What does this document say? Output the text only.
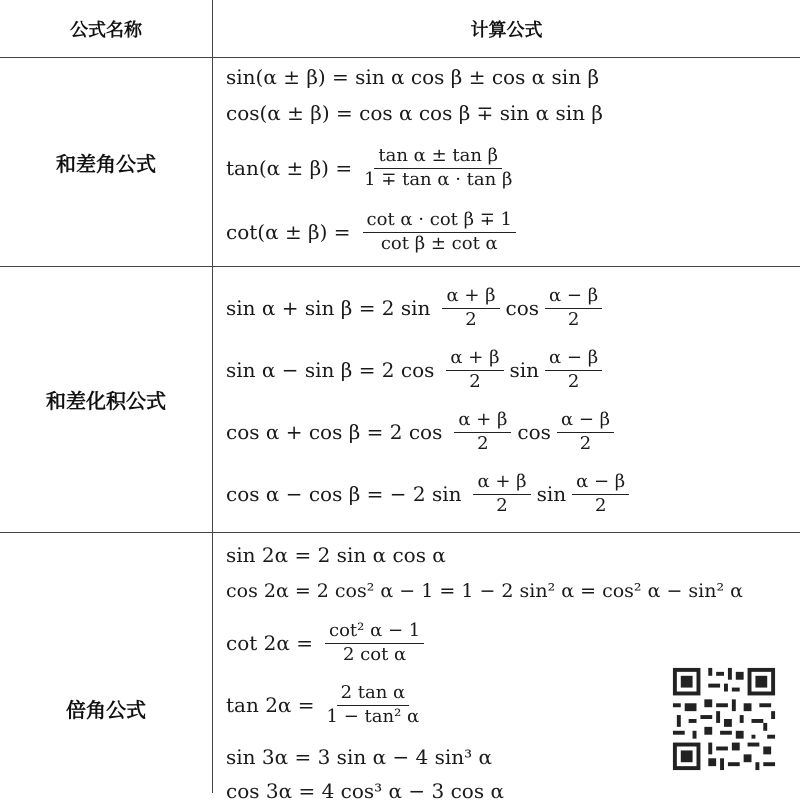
公式名称	计算公式
和差角公式
和差化积公式
倍角公式
sin(α ± β) = sin α cos β ± cos α sin β
cos(α ± β) = cos α cos β ∓ sin α sin β
$\tan(\alpha \pm \beta) = \frac{\text{tan α ± tan β}}{\text{1 ∓ tan α · tan β}}$
$\cot(\alpha \pm \beta) = \frac{\text{cot α · cot β ∓ 1}}{\text{cot β ± cot α}}$
sin α + sin β = 2 $\sin \frac{\alpha + \beta}{2}$ $\cos \frac{\alpha - \beta}{2}$
sin α − sin β = 2 $\cos \frac{\alpha + \beta}{2}$ $\sin \frac{\alpha - \beta}{2}$
cos α + cos β = 2 $\cos \frac{\alpha + \beta}{2}$ $\cos \frac{\alpha - \beta}{2}$
cos α − cos β = − 2 $\sin \frac{\alpha + \beta}{2}$ $\sin \frac{\alpha - \beta}{2}$
sin 2α = 2 sin α cos α
cos 2α = 2 cos² α − 1 = 1 − 2 sin² α = cos² α − sin² α
$\cot 2\alpha = \frac{\text{cot² α − 1}}{\text{2 cot α}}$
$\tan 2\alpha = \frac{\text{2 tan α}}{\text{1 − tan² α}}$
sin 3α = 3 sin α − 4 sin³ α
cos 3α = 4 cos³ α − 3 cos α
